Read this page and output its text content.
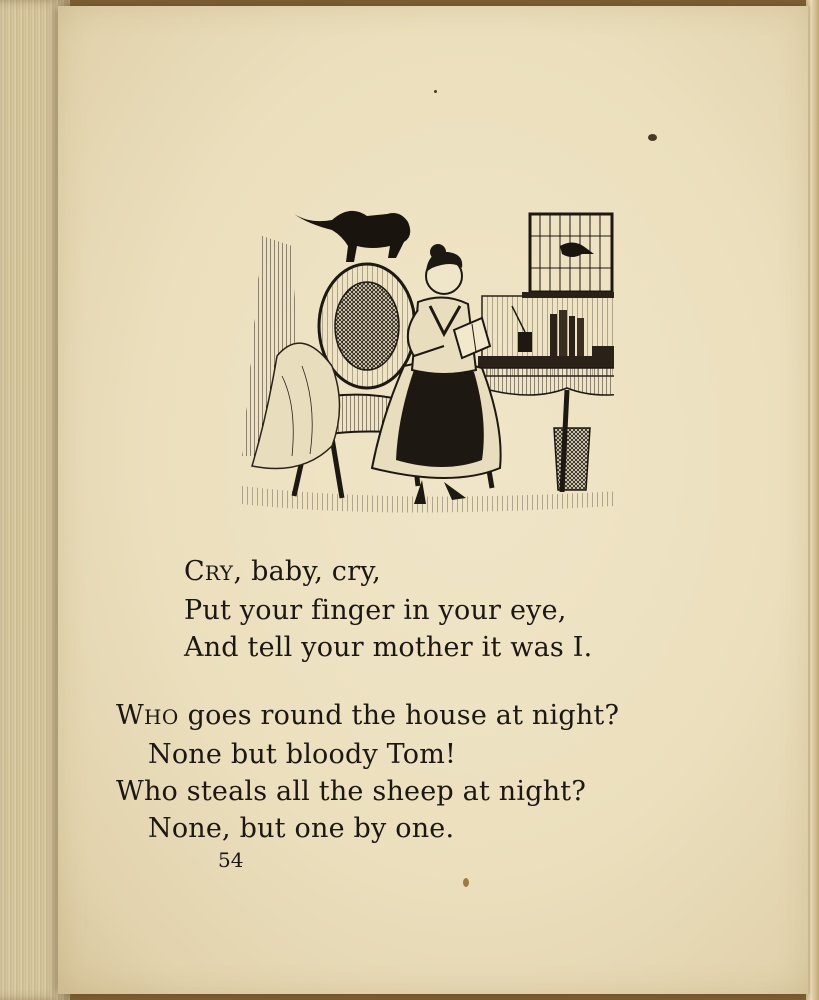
CRY, baby, cry,
Put your finger in your eye,
And tell your mother it was I.
WHO goes round the house at night?
None but bloody Tom!
Who steals all the sheep at night?
None, but one by one.
54
